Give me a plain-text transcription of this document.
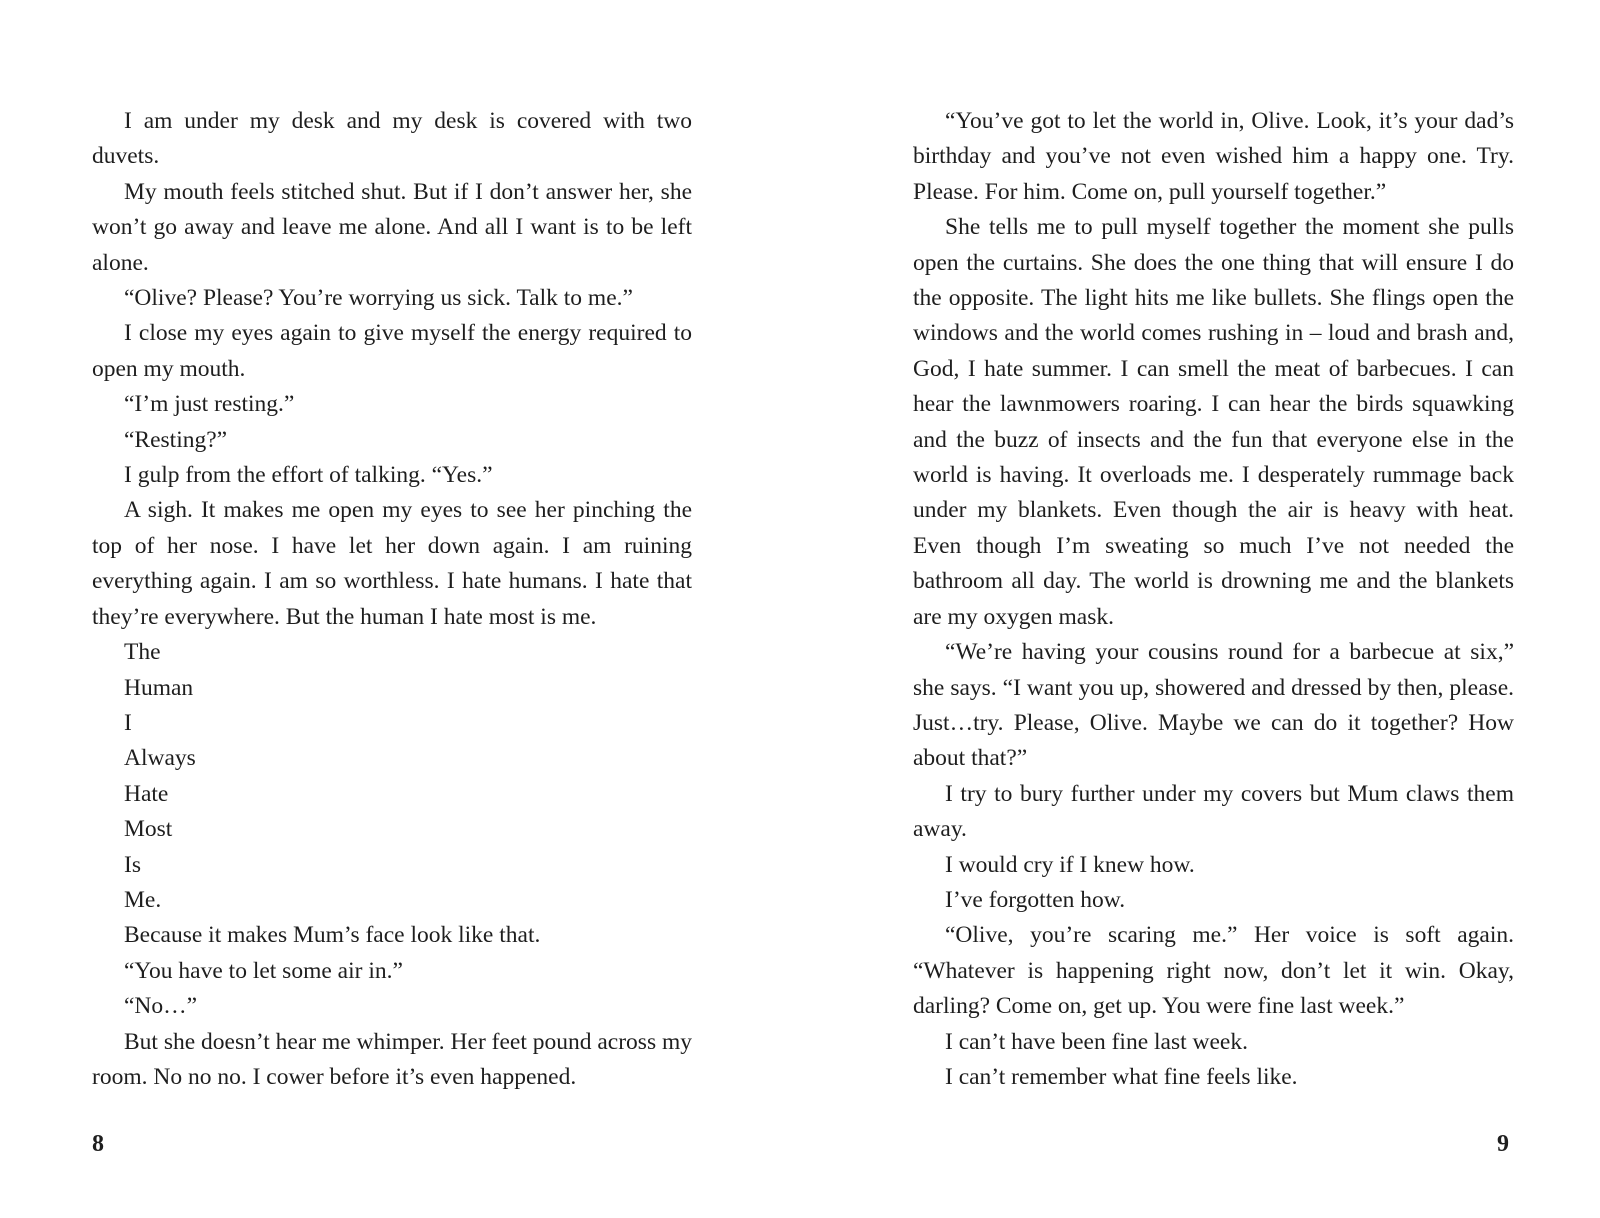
I am under my desk and my desk is covered with two duvets.

My mouth feels stitched shut. But if I don’t answer her, she won’t go away and leave me alone. And all I want is to be left alone.

“Olive? Please? You’re worrying us sick. Talk to me.”

I close my eyes again to give myself the energy required to open my mouth.

“I’m just resting.”

“Resting?”

I gulp from the effort of talking. “Yes.”

A sigh. It makes me open my eyes to see her pinching the top of her nose. I have let her down again. I am ruining everything again. I am so worthless. I hate humans. I hate that they’re everywhere. But the human I hate most is me.

The

Human

I

Always

Hate

Most

Is

Me.

Because it makes Mum’s face look like that.

“You have to let some air in.”

“No…”

But she doesn’t hear me whimper. Her feet pound across my room. No no no. I cower before it’s even happened.

“You’ve got to let the world in, Olive. Look, it’s your dad’s birthday and you’ve not even wished him a happy one. Try. Please. For him. Come on, pull yourself together.”

She tells me to pull myself together the moment she pulls open the curtains. She does the one thing that will ensure I do the opposite. The light hits me like bullets. She flings open the windows and the world comes rushing in – loud and brash and, God, I hate summer. I can smell the meat of barbecues. I can hear the lawnmowers roaring. I can hear the birds squawking and the buzz of insects and the fun that everyone else in the world is having. It overloads me. I desperately rummage back under my blankets. Even though the air is heavy with heat. Even though I’m sweating so much I’ve not needed the bathroom all day. The world is drowning me and the blankets are my oxygen mask.

“We’re having your cousins round for a barbecue at six,” she says. “I want you up, showered and dressed by then, please. Just…try. Please, Olive. Maybe we can do it together? How about that?”

I try to bury further under my covers but Mum claws them away.

I would cry if I knew how.

I’ve forgotten how.

“Olive, you’re scaring me.” Her voice is soft again. “Whatever is happening right now, don’t let it win. Okay, darling? Come on, get up. You were fine last week.”

I can’t have been fine last week.

I can’t remember what fine feels like.

8	9
